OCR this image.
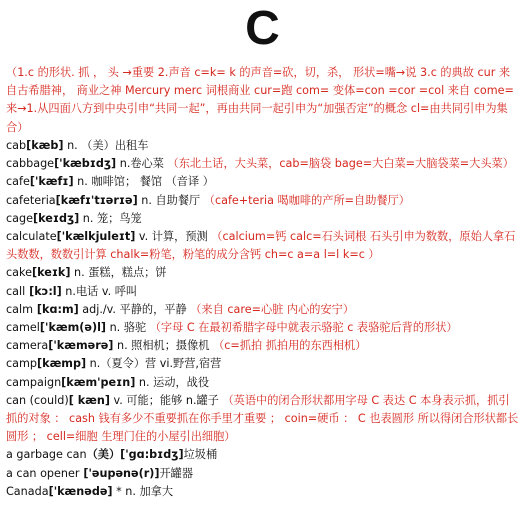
C
（1.c 的形状. 抓 ， 头 →重要 2.声音 c=k= k 的声音=砍，切，杀， 形状=嘴→说 3.c 的典故 cur 来自古希腊神， 商业之神 Mercury merc 词根商业 cur=跑 com= 变体=con =cor =col 来自 come=来→1.从四面八方到中央引申“共同一起”，再由共同一起引申为“加强否定”的概念 cl=由共同引申为集合）
cab[kæb] n. （美）出租车
cabbage['kæbɪdʒ] n.卷心菜 （东北土话，大头菜，cab=脑袋 bage=大白菜=大脑袋菜=大头菜）
cafe['kæfɪ] n. 咖啡馆； 餐馆 （音译 ）
cafeteria[kæfɪ'tɪərɪə] n. 自助餐厅 （cafe+teria 喝咖啡的产所=自助餐厅）
cage[keɪdʒ] n. 笼；鸟笼
calculate['kælkjuleɪt] v. 计算，预测 （calcium=钙 calc=石头词根 石头引申为数数，原始人拿石头数数，数数引计算 chalk=粉笔，粉笔的成分含钙 ch=c a=a l=l k=c ）
cake[keɪk] n. 蛋糕，糕点；饼
call [kɔ:l] n.电话 v. 呼叫
calm [kɑ:m] adj./v. 平静的，平静 （来自 care=心脏 内心的安宁）
camel['kæm(ə)l] n. 骆驼 （字母 C 在最初希腊字母中就表示骆驼 c 表骆驼后背的形状）
camera['kæmərə] n. 照相机；摄像机 （c=抓拍 抓拍用的东西相机）
camp[kæmp] n.（夏令）营 vi.野营,宿营
campaign[kæm'peɪn] n. 运动，战役
can (could)[ kæn] v. 可能；能够 n.罐子 （英语中的闭合形状都用字母 C 表达 C 本身表示抓，抓引抓的对象 ： cash 钱有多少不重要抓在你手里才重要 ； coin=硬币 ： C 也表圆形 所以得闭合形状都长圆形 ； cell=细胞 生理门住的小屋引出细胞）
a garbage can（美）['gɑ:bɪdʒ]垃圾桶
a can opener ['əupənə(r)]开罐器
Canada['kænədə] * n. 加拿大
